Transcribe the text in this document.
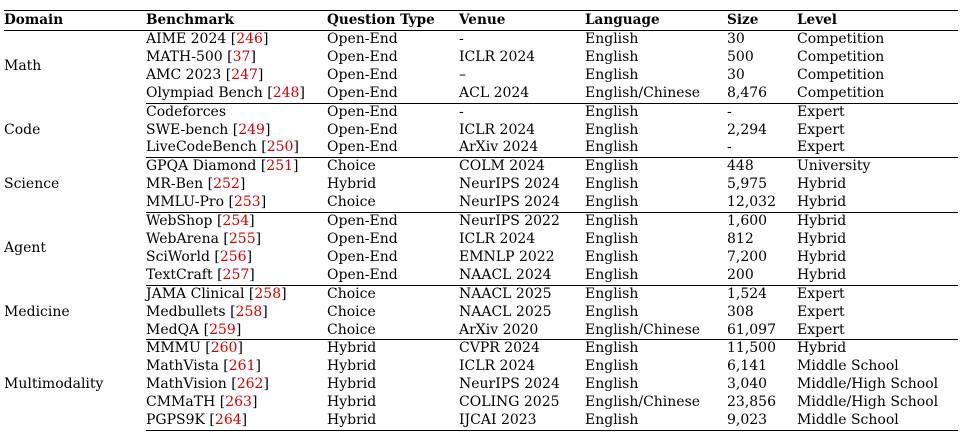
Domain	Benchmark	Question Type	Venue	Language	Size	Level
Math	AIME 2024 [246]	Open-End	-	English	30	Competition
	MATH-500 [37]	Open-End	ICLR 2024	English	500	Competition
	AMC 2023 [247]	Open-End	–	English	30	Competition
	Olympiad Bench [248]	Open-End	ACL 2024	English/Chinese	8,476	Competition
Code	Codeforces	Open-End	-	English	-	Expert
	SWE-bench [249]	Open-End	ICLR 2024	English	2,294	Expert
	LiveCodeBench [250]	Open-End	ArXiv 2024	English	-	Expert
Science	GPQA Diamond [251]	Choice	COLM 2024	English	448	University
	MR-Ben [252]	Hybrid	NeurIPS 2024	English	5,975	Hybrid
	MMLU-Pro [253]	Choice	NeurIPS 2024	English	12,032	Hybrid
Agent	WebShop [254]	Open-End	NeurIPS 2022	English	1,600	Hybrid
	WebArena [255]	Open-End	ICLR 2024	English	812	Hybrid
	SciWorld [256]	Open-End	EMNLP 2022	English	7,200	Hybrid
	TextCraft [257]	Open-End	NAACL 2024	English	200	Hybrid
Medicine	JAMA Clinical [258]	Choice	NAACL 2025	English	1,524	Expert
	Medbullets [258]	Choice	NAACL 2025	English	308	Expert
	MedQA [259]	Choice	ArXiv 2020	English/Chinese	61,097	Expert
Multimodality	MMMU [260]	Hybrid	CVPR 2024	English	11,500	Hybrid
	MathVista [261]	Hybrid	ICLR 2024	English	6,141	Middle School
	MathVision [262]	Hybrid	NeurIPS 2024	English	3,040	Middle/High School
	CMMaTH [263]	Hybrid	COLING 2025	English/Chinese	23,856	Middle/High School
	PGPS9K [264]	Hybrid	IJCAI 2023	English	9,023	Middle School
